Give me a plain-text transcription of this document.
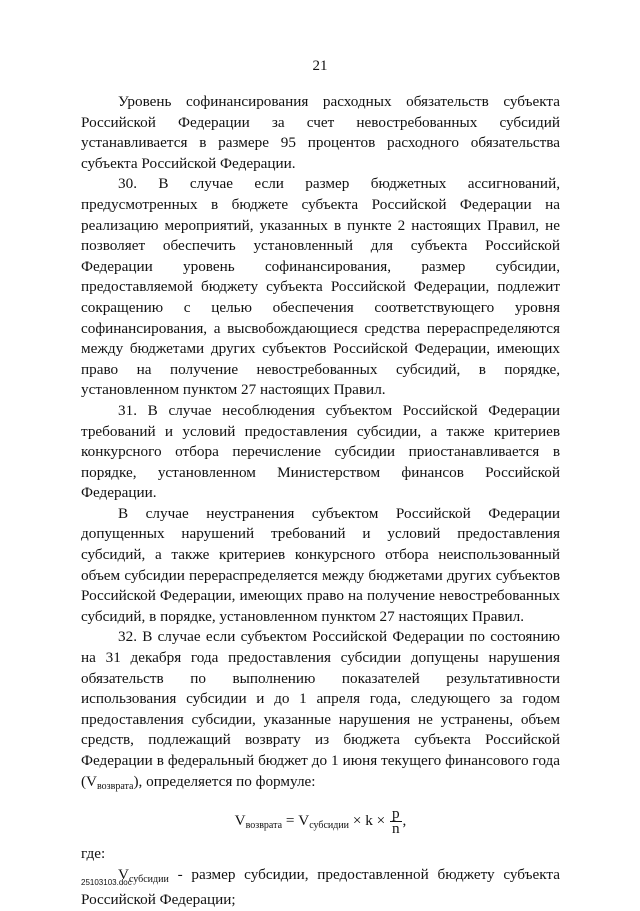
21

Уровень софинансирования расходных обязательств субъекта Российской Федерации за счет невостребованных субсидий устанавливается в размере 95 процентов расходного обязательства субъекта Российской Федерации.

30. В случае если размер бюджетных ассигнований, предусмотренных в бюджете субъекта Российской Федерации на реализацию мероприятий, указанных в пункте 2 настоящих Правил, не позволяет обеспечить установленный для субъекта Российской Федерации уровень софинансирования, размер субсидии, предоставляемой бюджету субъекта Российской Федерации, подлежит сокращению с целью обеспечения соответствующего уровня софинансирования, а высвобождающиеся средства перераспределяются между бюджетами других субъектов Российской Федерации, имеющих право на получение невостребованных субсидий, в порядке, установленном пунктом 27 настоящих Правил.

31. В случае несоблюдения субъектом Российской Федерации требований и условий предоставления субсидии, а также критериев конкурсного отбора перечисление субсидии приостанавливается в порядке, установленном Министерством финансов Российской Федерации.

В случае неустранения субъектом Российской Федерации допущенных нарушений требований и условий предоставления субсидий, а также критериев конкурсного отбора неиспользованный объем субсидии перераспределяется между бюджетами других субъектов Российской Федерации, имеющих право на получение невостребованных субсидий, в порядке, установленном пунктом 27 настоящих Правил.

32. В случае если субъектом Российской Федерации по состоянию на 31 декабря года предоставления субсидии допущены нарушения обязательств по выполнению показателей результативности использования субсидии и до 1 апреля года, следующего за годом предоставления субсидии, указанные нарушения не устранены, объем средств, подлежащий возврату из бюджета субъекта Российской Федерации в федеральный бюджет до 1 июня текущего финансового года $(V_{возврата})$, определяется по формуле:

$V_{возврата} = V_{субсидии} \times k \times \frac{p}{n}$ ,

где:

$V_{субсидии}$ - размер субсидии, предоставленной бюджету субъекта Российской Федерации;

25103103.doc
